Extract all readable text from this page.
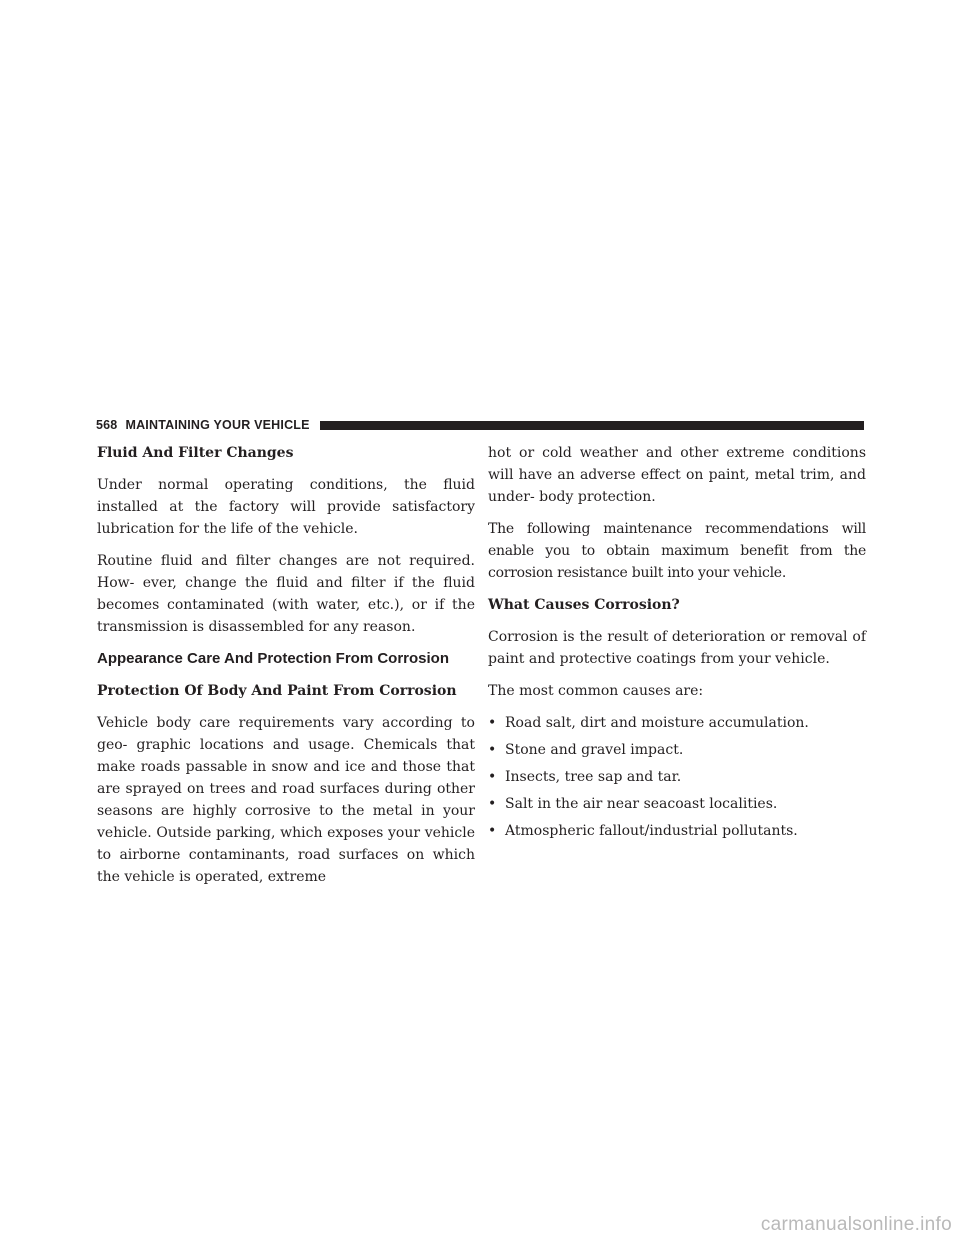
568 MAINTAINING YOUR VEHICLE
Fluid And Filter Changes

Under normal operating conditions, the fluid installed at the factory will provide satisfactory lubrication for the life of the vehicle.

Routine fluid and filter changes are not required. How- ever, change the fluid and filter if the fluid becomes contaminated (with water, etc.), or if the transmission is disassembled for any reason.

Appearance Care And Protection From Corrosion
Protection Of Body And Paint From Corrosion

Vehicle body care requirements vary according to geo- graphic locations and usage. Chemicals that make roads passable in snow and ice and those that are sprayed on trees and road surfaces during other seasons are highly corrosive to the metal in your vehicle. Outside parking, which exposes your vehicle to airborne contaminants, road surfaces on which the vehicle is operated, extreme

hot or cold weather and other extreme conditions will have an adverse effect on paint, metal trim, and under- body protection.

The following maintenance recommendations will enable you to obtain maximum benefit from the corrosion resistance built into your vehicle.

What Causes Corrosion?

Corrosion is the result of deterioration or removal of paint and protective coatings from your vehicle.

The most common causes are:

• Road salt, dirt and moisture accumulation.
• Stone and gravel impact.
• Insects, tree sap and tar.
• Salt in the air near seacoast localities.
• Atmospheric fallout/industrial pollutants.
carmanualsonline.info
